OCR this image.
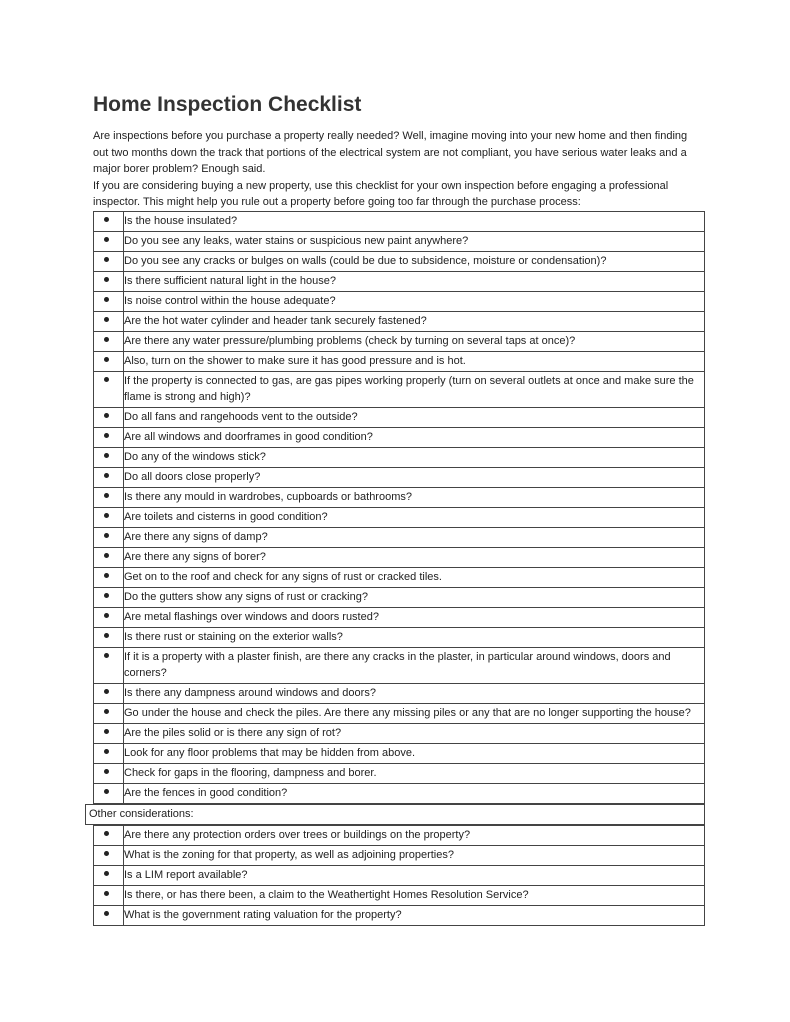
Home Inspection Checklist

Are inspections before you purchase a property really needed? Well, imagine moving into your new home and then finding out two months down the track that portions of the electrical system are not compliant, you have serious water leaks and a major borer problem? Enough said.

If you are considering buying a new property, use this checklist for your own inspection before engaging a professional inspector. This might help you rule out a property before going too far through the purchase process:

	Is the house insulated?
	Do you see any leaks, water stains or suspicious new paint anywhere?
	Do you see any cracks or bulges on walls (could be due to subsidence, moisture or condensation)?
	Is there sufficient natural light in the house?
	Is noise control within the house adequate?
	Are the hot water cylinder and header tank securely fastened?
	Are there any water pressure/plumbing problems (check by turning on several taps at once)?
	Also, turn on the shower to make sure it has good pressure and is hot.
	If the property is connected to gas, are gas pipes working properly (turn on several outlets at once and make sure the flame is strong and high)?
	Do all fans and rangehoods vent to the outside?
	Are all windows and doorframes in good condition?
	Do any of the windows stick?
	Do all doors close properly?
	Is there any mould in wardrobes, cupboards or bathrooms?
	Are toilets and cisterns in good condition?
	Are there any signs of damp?
	Are there any signs of borer?
	Get on to the roof and check for any signs of rust or cracked tiles.
	Do the gutters show any signs of rust or cracking?
	Are metal flashings over windows and doors rusted?
	Is there rust or staining on the exterior walls?
	If it is a property with a plaster finish, are there any cracks in the plaster, in particular around windows, doors and corners?
	Is there any dampness around windows and doors?
	Go under the house and check the piles. Are there any missing piles or any that are no longer supporting the house?
	Are the piles solid or is there any sign of rot?
	Look for any floor problems that may be hidden from above.
	Check for gaps in the flooring, dampness and borer.
	Are the fences in good condition?
Other considerations:
	Are there any protection orders over trees or buildings on the property?
	What is the zoning for that property, as well as adjoining properties?
	Is a LIM report available?
	Is there, or has there been, a claim to the Weathertight Homes Resolution Service?
	What is the government rating valuation for the property?
